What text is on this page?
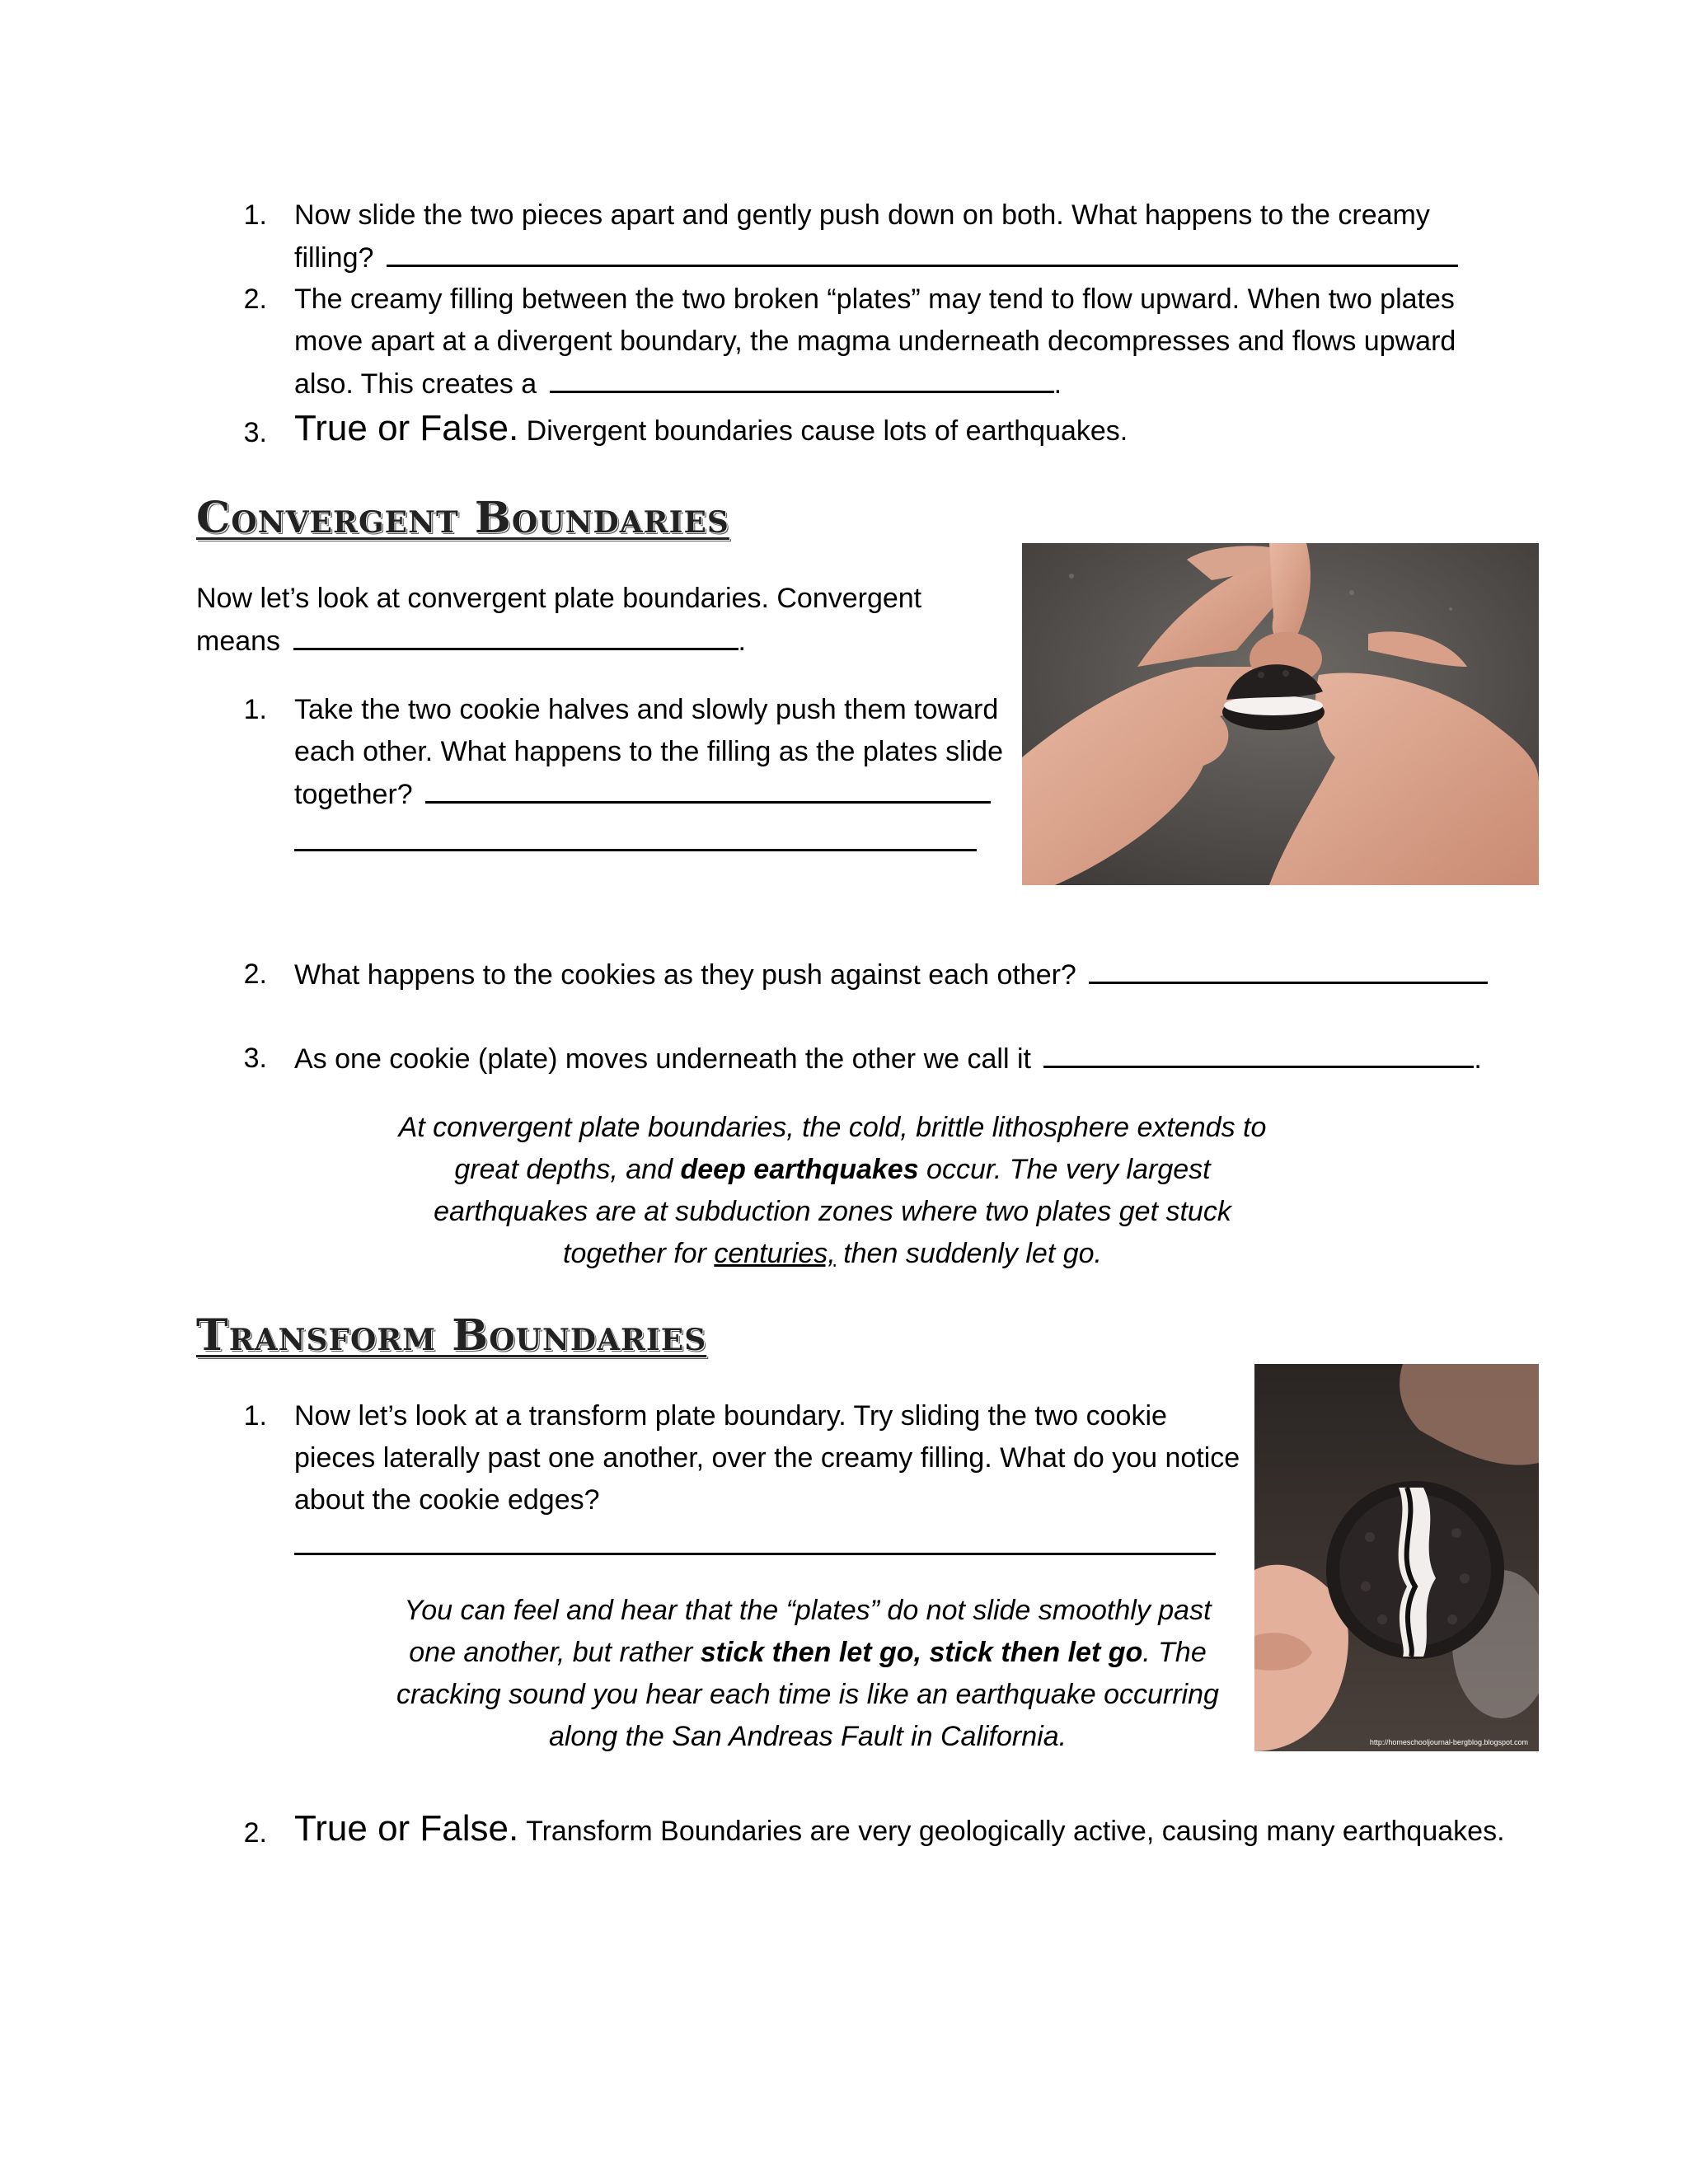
1. Now slide the two pieces apart and gently push down on both. What happens to the creamy
filling?
2. The creamy filling between the two broken “plates” may tend to flow upward. When two plates
move apart at a divergent boundary, the magma underneath decompresses and flows upward
also. This creates a	.
3. True or False. Divergent boundaries cause lots of earthquakes.
Convergent Boundaries
Now let’s look at convergent plate boundaries. Convergent
means	.
1. Take the two cookie halves and slowly push them toward
each other. What happens to the filling as the plates slide
together?
2. What happens to the cookies as they push against each other?
3. As one cookie (plate) moves underneath the other we call it	.
At convergent plate boundaries, the cold, brittle lithosphere extends to
great depths, and deep earthquakes occur. The very largest
earthquakes are at subduction zones where two plates get stuck
together for centuries, then suddenly let go.
Transform Boundaries
1. Now let’s look at a transform plate boundary. Try sliding the two cookie
pieces laterally past one another, over the creamy filling. What do you notice
about the cookie edges?
You can feel and hear that the “plates” do not slide smoothly past
one another, but rather stick then let go, stick then let go. The
cracking sound you hear each time is like an earthquake occurring
along the San Andreas Fault in California.	http://homeschooljournal-bergblog.blogspot.com
2. True or False. Transform Boundaries are very geologically active, causing many earthquakes.
